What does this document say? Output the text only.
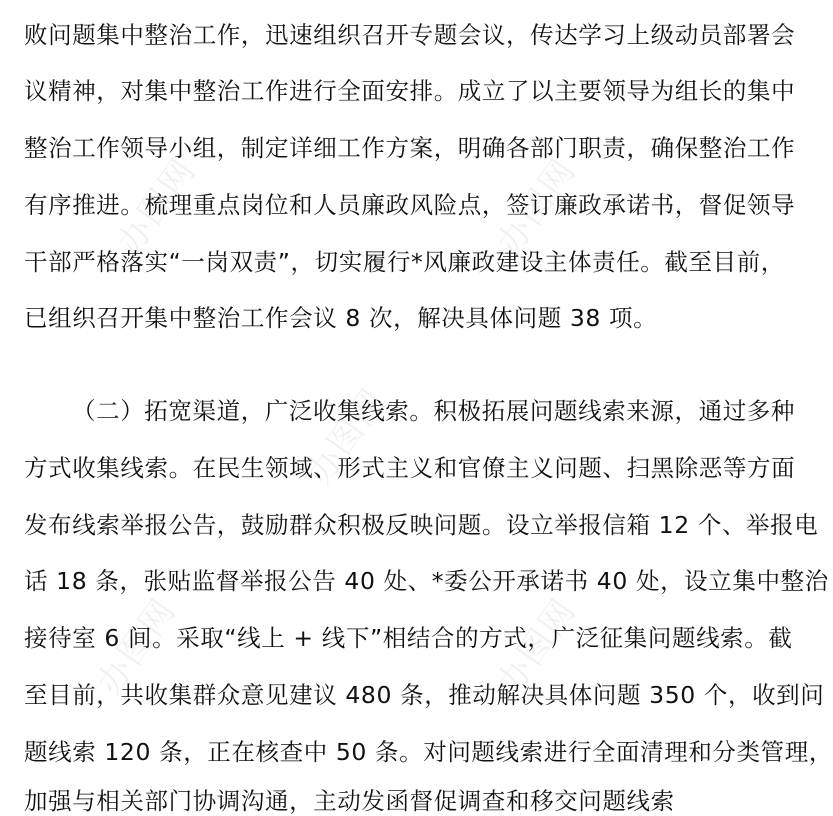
办图网	办图网
办图网
办图网	办图网
败问题集中整治工作，迅速组织召开专题会议，传达学习上级动员部署会
议精神，对集中整治工作进行全面安排。成立了以主要领导为组长的集中
整治工作领导小组，制定详细工作方案，明确各部门职责，确保整治工作
有序推进。梳理重点岗位和人员廉政风险点，签订廉政承诺书，督促领导
干部严格落实“一岗双责”，切实履行*风廉政建设主体责任。截至目前，
已组织召开集中整治工作会议 8 次，解决具体问题 38 项。
（二）拓宽渠道，广泛收集线索。积极拓展问题线索来源，通过多种
方式收集线索。在民生领域、形式主义和官僚主义问题、扫黑除恶等方面
发布线索举报公告，鼓励群众积极反映问题。设立举报信箱 12 个、举报电
话 18 条，张贴监督举报公告 40 处、*委公开承诺书 40 处，设立集中整治
接待室 6 间。采取“线上 + 线下”相结合的方式，广泛征集问题线索。截
至目前，共收集群众意见建议 480 条，推动解决具体问题 350 个，收到问
题线索 120 条，正在核查中 50 条。对问题线索进行全面清理和分类管理，
加强与相关部门协调沟通，主动发函督促调查和移交问题线索
